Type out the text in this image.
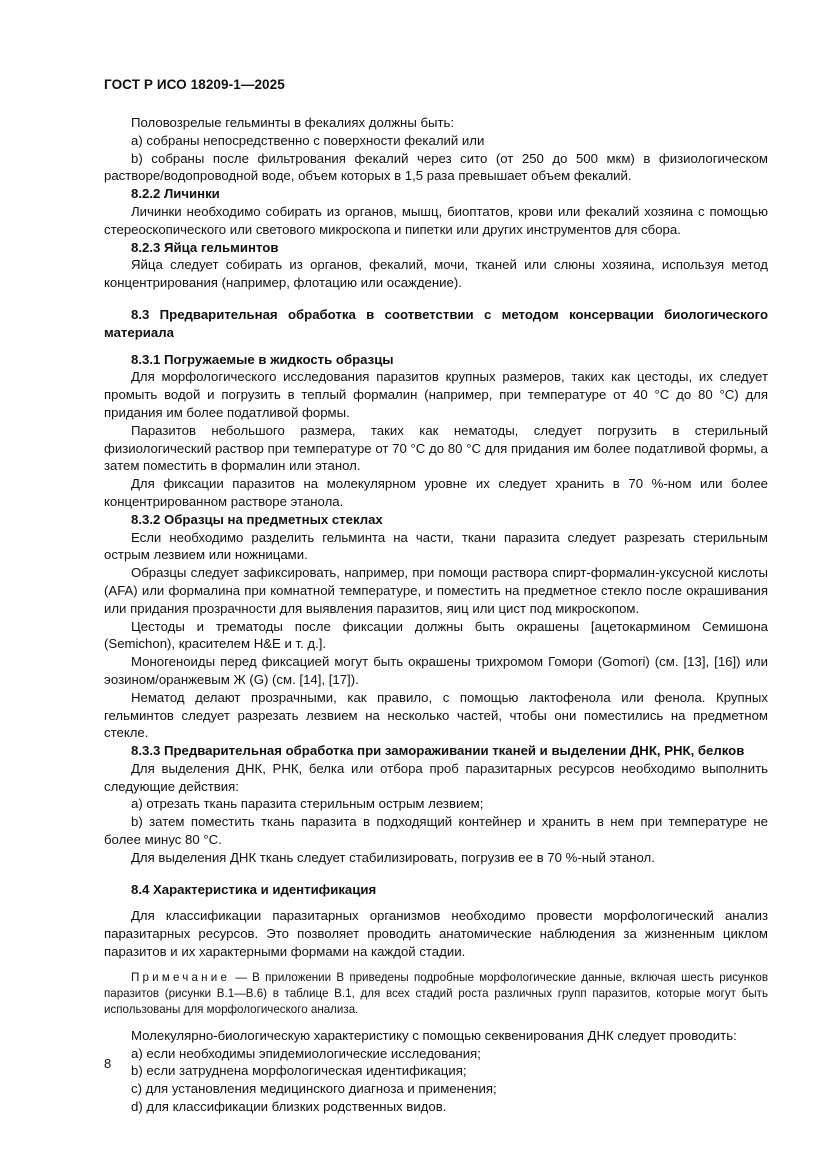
ГОСТ Р ИСО 18209-1—2025

Половозрелые гельминты в фекалиях должны быть:

a) собраны непосредственно с поверхности фекалий или

b) собраны после фильтрования фекалий через сито (от 250 до 500 мкм) в физиологическом растворе/водопроводной воде, объем которых в 1,5 раза превышает объем фекалий.

8.2.2 Личинки

Личинки необходимо собирать из органов, мышц, биоптатов, крови или фекалий хозяина с помощью стереоскопического или светового микроскопа и пипетки или других инструментов для сбора.

8.2.3 Яйца гельминтов

Яйца следует собирать из органов, фекалий, мочи, тканей или слюны хозяина, используя метод концентрирования (например, флотацию или осаждение).

8.3 Предварительная обработка в соответствии с методом консервации биологического материала

8.3.1 Погружаемые в жидкость образцы

Для морфологического исследования паразитов крупных размеров, таких как цестоды, их следует промыть водой и погрузить в теплый формалин (например, при температуре от 40 °С до 80 °С) для придания им более податливой формы.

Паразитов небольшого размера, таких как нематоды, следует погрузить в стерильный физиологический раствор при температуре от 70 °С до 80 °С для придания им более податливой формы, а затем поместить в формалин или этанол.

Для фиксации паразитов на молекулярном уровне их следует хранить в 70 %-ном или более концентрированном растворе этанола.

8.3.2 Образцы на предметных стеклах

Если необходимо разделить гельминта на части, ткани паразита следует разрезать стерильным острым лезвием или ножницами.

Образцы следует зафиксировать, например, при помощи раствора спирт-формалин-уксусной кислоты (AFA) или формалина при комнатной температуре, и поместить на предметное стекло после окрашивания или придания прозрачности для выявления паразитов, яиц или цист под микроскопом.

Цестоды и трематоды после фиксации должны быть окрашены [ацетокармином Семишона (Semichon), красителем H&E и т. д.].

Моногеноиды перед фиксацией могут быть окрашены трихромом Гомори (Gomori) (см. [13], [16]) или эозином/оранжевым Ж (G) (см. [14], [17]).

Нематод делают прозрачными, как правило, с помощью лактофенола или фенола. Крупных гельминтов следует разрезать лезвием на несколько частей, чтобы они поместились на предметном стекле.

8.3.3 Предварительная обработка при замораживании тканей и выделении ДНК, РНК, белков

Для выделения ДНК, РНК, белка или отбора проб паразитарных ресурсов необходимо выполнить следующие действия:

a) отрезать ткань паразита стерильным острым лезвием;

b) затем поместить ткань паразита в подходящий контейнер и хранить в нем при температуре не более минус 80 °С.

Для выделения ДНК ткань следует стабилизировать, погрузив ее в 70 %-ный этанол.

8.4 Характеристика и идентификация

Для классификации паразитарных организмов необходимо провести морфологический анализ паразитарных ресурсов. Это позволяет проводить анатомические наблюдения за жизненным циклом паразитов и их характерными формами на каждой стадии.

Примечание — В приложении В приведены подробные морфологические данные, включая шесть рисунков паразитов (рисунки В.1—В.6) в таблице В.1, для всех стадий роста различных групп паразитов, которые могут быть использованы для морфологического анализа.

Молекулярно-биологическую характеристику с помощью секвенирования ДНК следует проводить:

a) если необходимы эпидемиологические исследования;

b) если затруднена морфологическая идентификация;

c) для установления медицинского диагноза и применения;

d) для классификации близких родственных видов.

8
